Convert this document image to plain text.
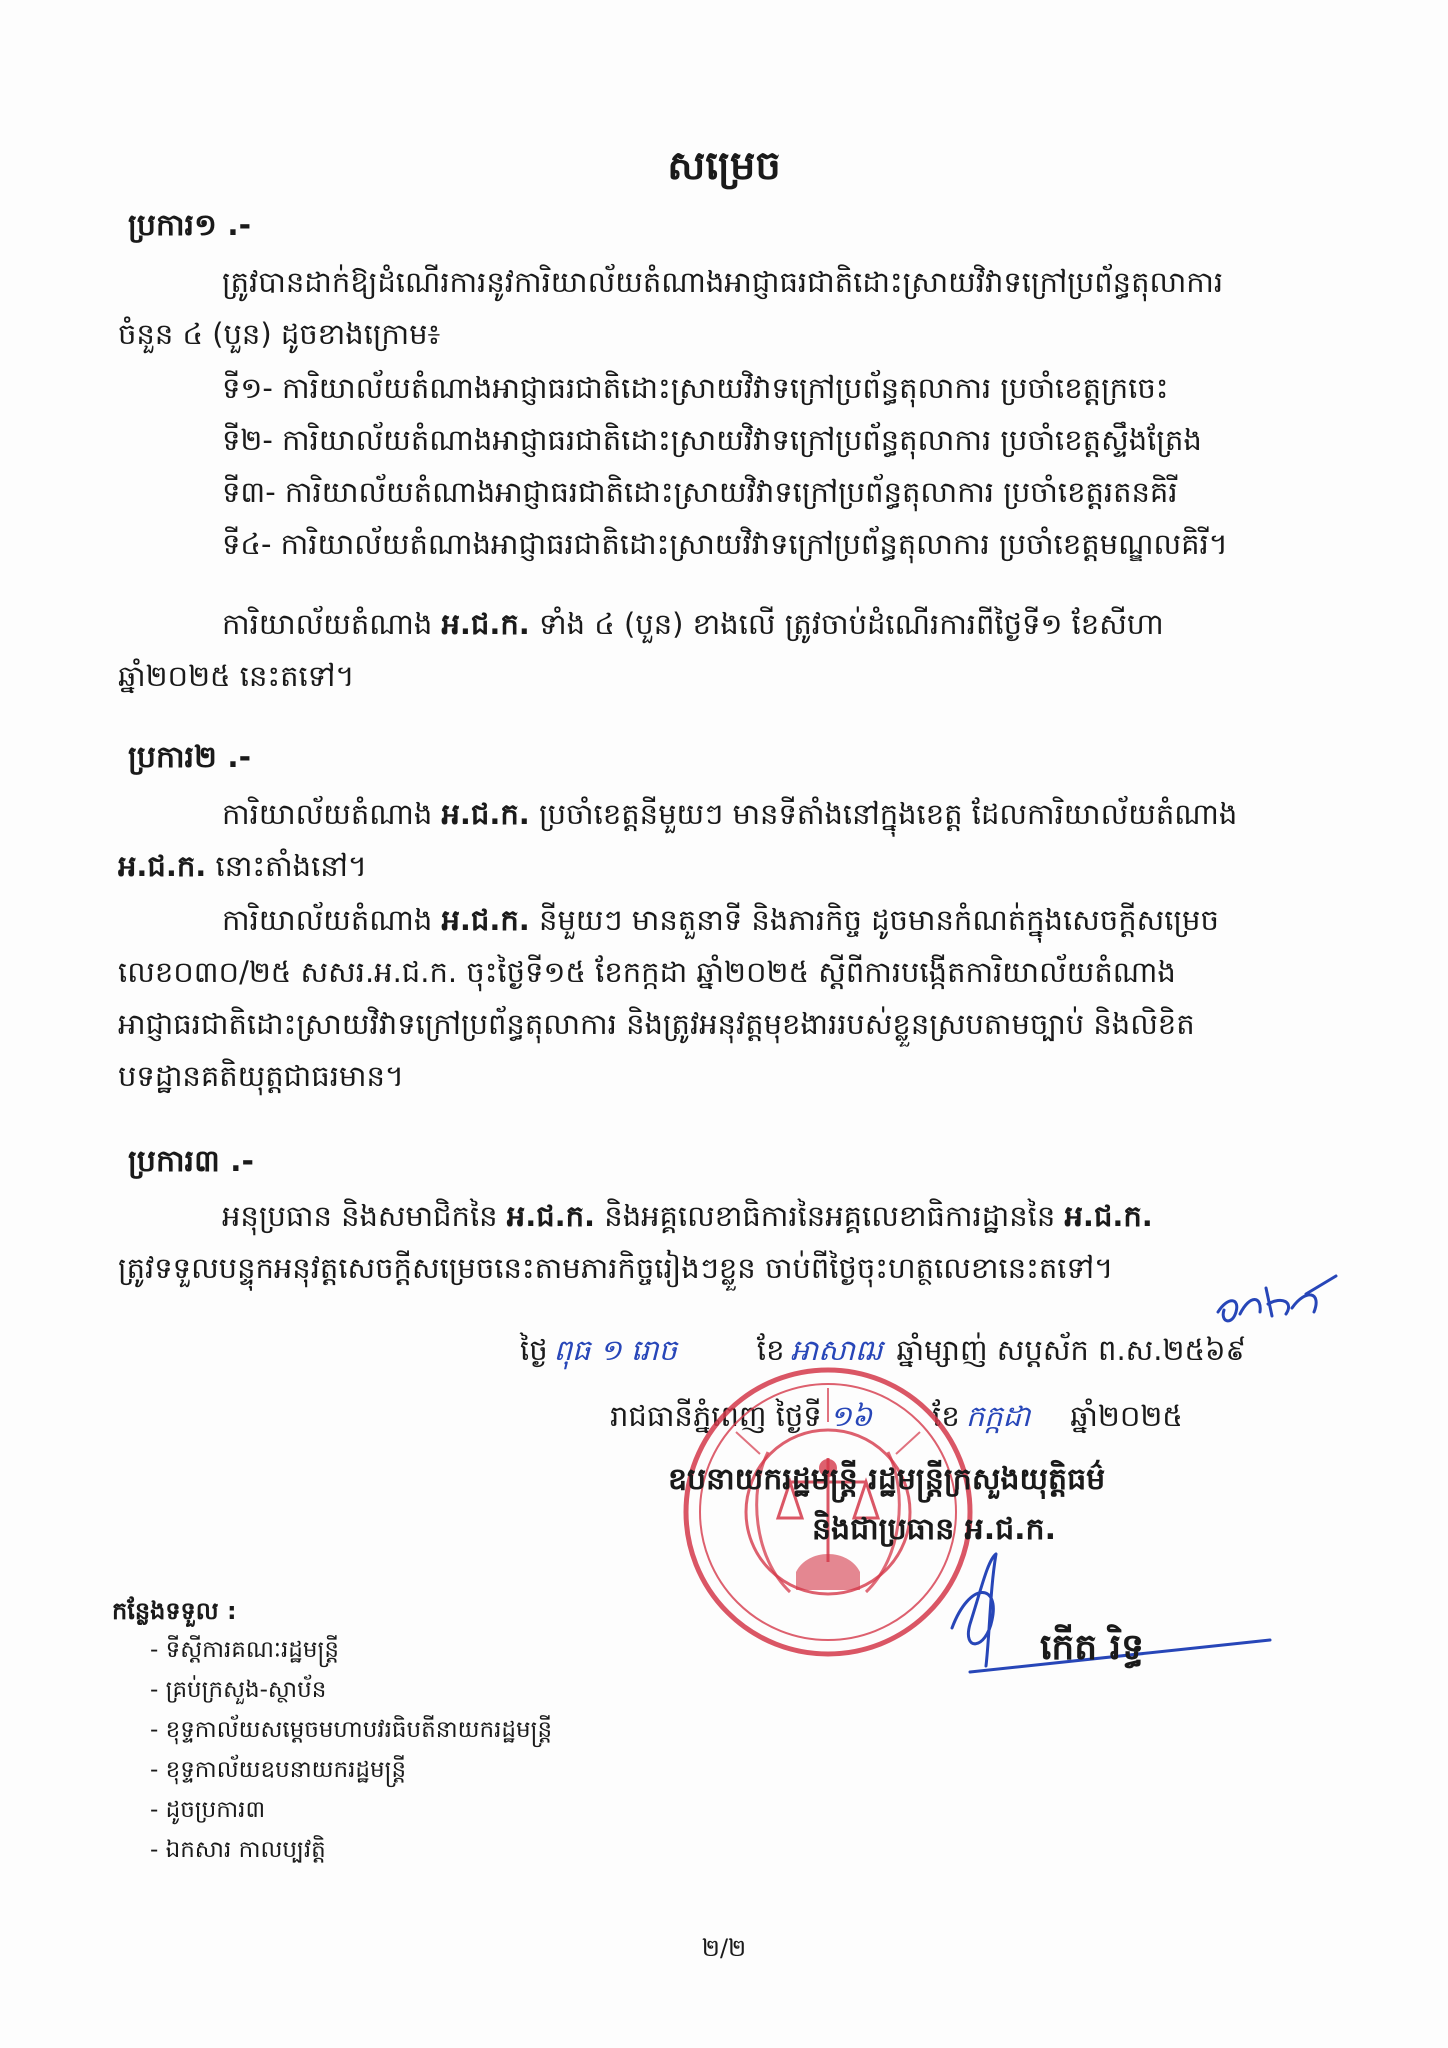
សម្រេច
ប្រការ១ .-
ត្រូវបានដាក់ឱ្យដំណើរការនូវការិយាល័យតំណាងអាជ្ញាធរជាតិដោះស្រាយវិវាទក្រៅប្រព័ន្ធតុលាការ
ចំនួន ៤ (បួន) ដូចខាងក្រោម៖
ទី១- ការិយាល័យតំណាងអាជ្ញាធរជាតិដោះស្រាយវិវាទក្រៅប្រព័ន្ធតុលាការ ប្រចាំខេត្តក្រចេះ
ទី២- ការិយាល័យតំណាងអាជ្ញាធរជាតិដោះស្រាយវិវាទក្រៅប្រព័ន្ធតុលាការ ប្រចាំខេត្តស្ទឹងត្រែង
ទី៣- ការិយាល័យតំណាងអាជ្ញាធរជាតិដោះស្រាយវិវាទក្រៅប្រព័ន្ធតុលាការ ប្រចាំខេត្តរតនគិរី
ទី៤- ការិយាល័យតំណាងអាជ្ញាធរជាតិដោះស្រាយវិវាទក្រៅប្រព័ន្ធតុលាការ ប្រចាំខេត្តមណ្ឌលគិរី។
ការិយាល័យតំណាង អ.ជ.ក. ទាំង ៤ (បួន) ខាងលើ ត្រូវចាប់ដំណើរការពីថ្ងៃទី១ ខែសីហា
ឆ្នាំ២០២៥ នេះតទៅ។
ប្រការ២ .-
ការិយាល័យតំណាង អ.ជ.ក. ប្រចាំខេត្តនីមួយៗ មានទីតាំងនៅក្នុងខេត្ត ដែលការិយាល័យតំណាង
អ.ជ.ក. នោះតាំងនៅ។
ការិយាល័យតំណាង អ.ជ.ក. នីមួយៗ មានតួនាទី និងភារកិច្ច ដូចមានកំណត់ក្នុងសេចក្តីសម្រេច
លេខ០៣០/២៥ សសរ.អ.ជ.ក. ចុះថ្ងៃទី១៥ ខែកក្កដា ឆ្នាំ២០២៥ ស្តីពីការបង្កើតការិយាល័យតំណាង
អាជ្ញាធរជាតិដោះស្រាយវិវាទក្រៅប្រព័ន្ធតុលាការ និងត្រូវអនុវត្តមុខងាររបស់ខ្លួនស្របតាមច្បាប់ និងលិខិត
បទដ្ឋានគតិយុត្តជាធរមាន។
ប្រការ៣ .-
អនុប្រធាន និងសមាជិកនៃ អ.ជ.ក. និងអគ្គលេខាធិការនៃអគ្គលេខាធិការដ្ឋាននៃ អ.ជ.ក.
ត្រូវទទួលបន្ទុកអនុវត្តសេចក្តីសម្រេចនេះតាមភារកិច្ចរៀងៗខ្លួន ចាប់ពីថ្ងៃចុះហត្ថលេខានេះតទៅ។
ថ្ងៃ ពុធ ១ រោច	ខែ អាសាឍ ឆ្នាំម្សាញ់ សប្តស័ក ព.ស.២៥៦៩
រាជធានីភ្នំពេញ ថ្ងៃទី ១៦ ខែ កក្កដា ឆ្នាំ២០២៥
ឧបនាយករដ្ឋមន្ត្រី រដ្ឋមន្ត្រីក្រសួងយុត្តិធម៌
និងជាប្រធាន អ.ជ.ក.
កើត រិទ្ធ
កន្លែងទទួល :
- ទីស្តីការគណៈរដ្ឋមន្ត្រី
- គ្រប់ក្រសួង-ស្ថាប័ន
- ខុទ្ទកាល័យសម្តេចមហាបវរធិបតីនាយករដ្ឋមន្ត្រី
- ខុទ្ទកាល័យឧបនាយករដ្ឋមន្ត្រី
- ដូចប្រការ៣
- ឯកសារ កាលប្បវត្តិ
២/២
